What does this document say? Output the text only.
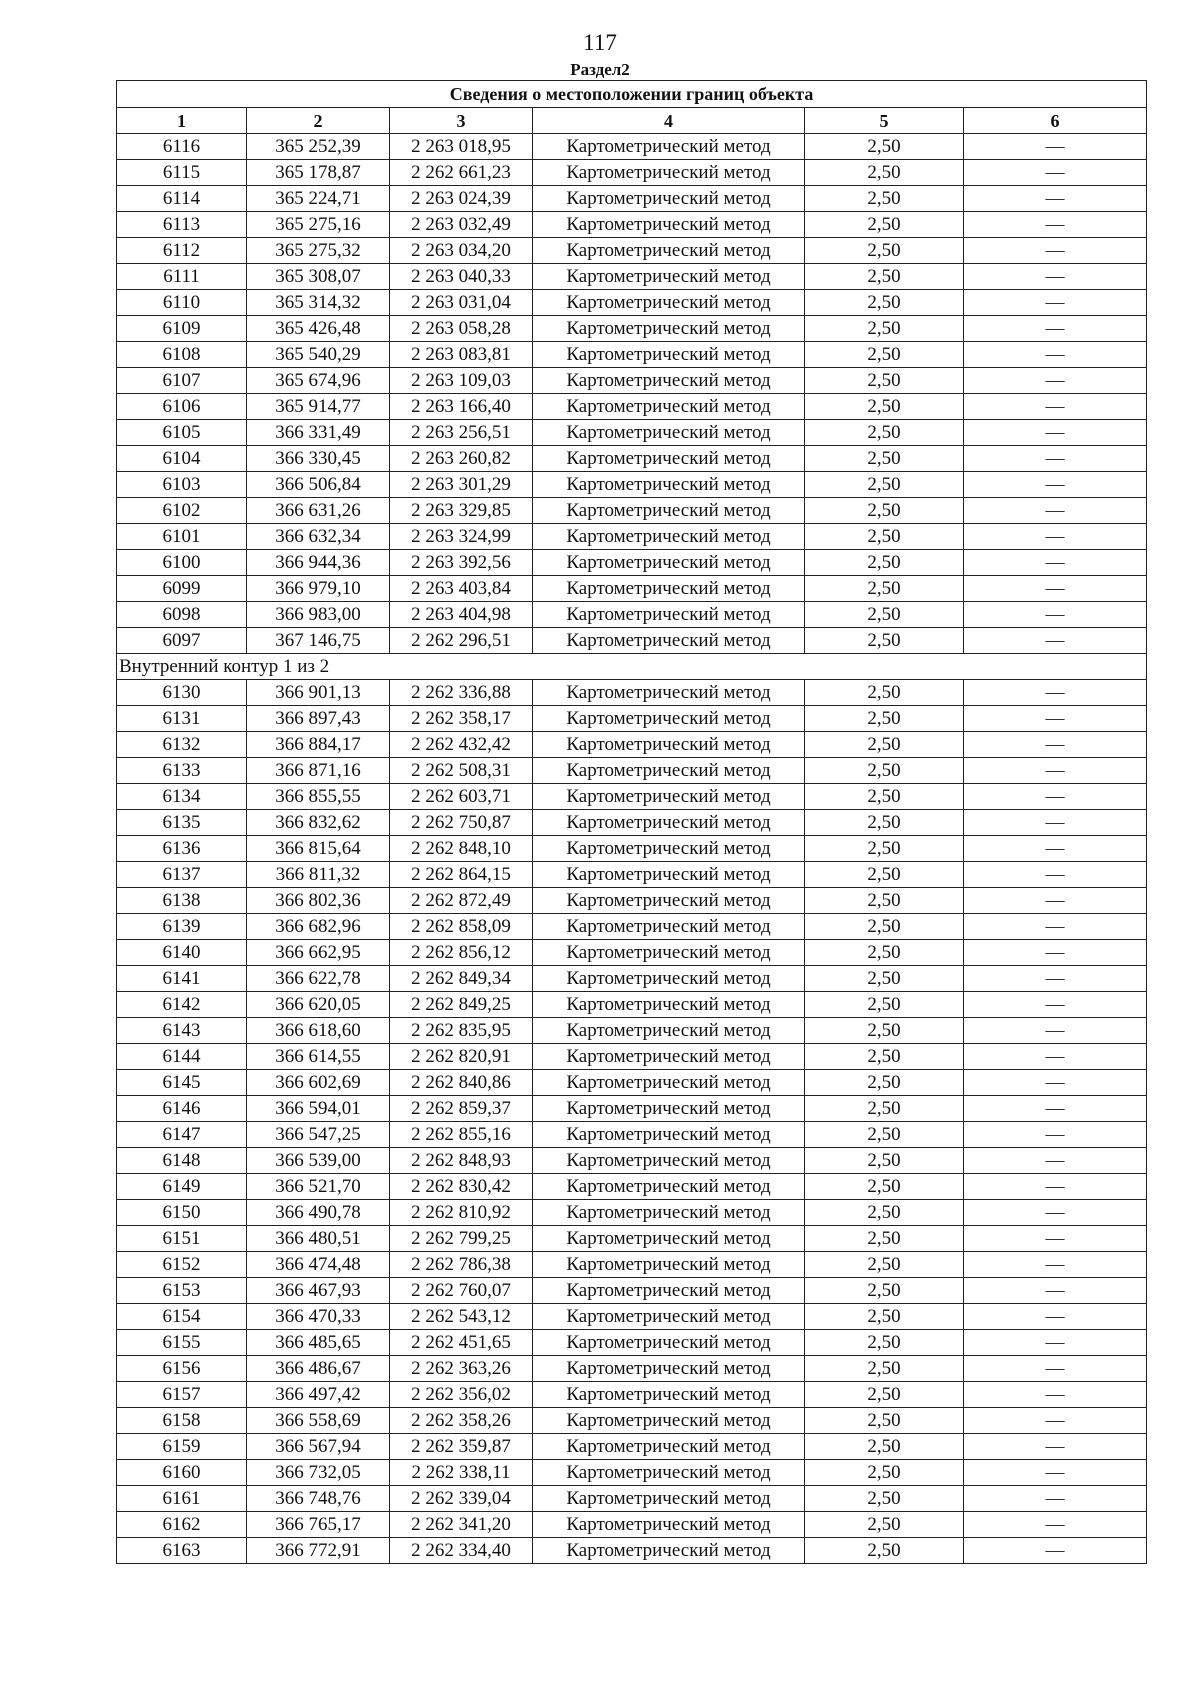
117
Раздел2
Сведения о местоположении границ объекта					
1	2	3	4	5	6
6116	365 252,39	2 263 018,95	Картометрический метод	2,50	—
6115	365 178,87	2 262 661,23	Картометрический метод	2,50	—
6114	365 224,71	2 263 024,39	Картометрический метод	2,50	—
6113	365 275,16	2 263 032,49	Картометрический метод	2,50	—
6112	365 275,32	2 263 034,20	Картометрический метод	2,50	—
6111	365 308,07	2 263 040,33	Картометрический метод	2,50	—
6110	365 314,32	2 263 031,04	Картометрический метод	2,50	—
6109	365 426,48	2 263 058,28	Картометрический метод	2,50	—
6108	365 540,29	2 263 083,81	Картометрический метод	2,50	—
6107	365 674,96	2 263 109,03	Картометрический метод	2,50	—
6106	365 914,77	2 263 166,40	Картометрический метод	2,50	—
6105	366 331,49	2 263 256,51	Картометрический метод	2,50	—
6104	366 330,45	2 263 260,82	Картометрический метод	2,50	—
6103	366 506,84	2 263 301,29	Картометрический метод	2,50	—
6102	366 631,26	2 263 329,85	Картометрический метод	2,50	—
6101	366 632,34	2 263 324,99	Картометрический метод	2,50	—
6100	366 944,36	2 263 392,56	Картометрический метод	2,50	—
6099	366 979,10	2 263 403,84	Картометрический метод	2,50	—
6098	366 983,00	2 263 404,98	Картометрический метод	2,50	—
6097	367 146,75	2 262 296,51	Картометрический метод	2,50	—
Внутренний контур 1 из 2					
6130	366 901,13	2 262 336,88	Картометрический метод	2,50	—
6131	366 897,43	2 262 358,17	Картометрический метод	2,50	—
6132	366 884,17	2 262 432,42	Картометрический метод	2,50	—
6133	366 871,16	2 262 508,31	Картометрический метод	2,50	—
6134	366 855,55	2 262 603,71	Картометрический метод	2,50	—
6135	366 832,62	2 262 750,87	Картометрический метод	2,50	—
6136	366 815,64	2 262 848,10	Картометрический метод	2,50	—
6137	366 811,32	2 262 864,15	Картометрический метод	2,50	—
6138	366 802,36	2 262 872,49	Картометрический метод	2,50	—
6139	366 682,96	2 262 858,09	Картометрический метод	2,50	—
6140	366 662,95	2 262 856,12	Картометрический метод	2,50	—
6141	366 622,78	2 262 849,34	Картометрический метод	2,50	—
6142	366 620,05	2 262 849,25	Картометрический метод	2,50	—
6143	366 618,60	2 262 835,95	Картометрический метод	2,50	—
6144	366 614,55	2 262 820,91	Картометрический метод	2,50	—
6145	366 602,69	2 262 840,86	Картометрический метод	2,50	—
6146	366 594,01	2 262 859,37	Картометрический метод	2,50	—
6147	366 547,25	2 262 855,16	Картометрический метод	2,50	—
6148	366 539,00	2 262 848,93	Картометрический метод	2,50	—
6149	366 521,70	2 262 830,42	Картометрический метод	2,50	—
6150	366 490,78	2 262 810,92	Картометрический метод	2,50	—
6151	366 480,51	2 262 799,25	Картометрический метод	2,50	—
6152	366 474,48	2 262 786,38	Картометрический метод	2,50	—
6153	366 467,93	2 262 760,07	Картометрический метод	2,50	—
6154	366 470,33	2 262 543,12	Картометрический метод	2,50	—
6155	366 485,65	2 262 451,65	Картометрический метод	2,50	—
6156	366 486,67	2 262 363,26	Картометрический метод	2,50	—
6157	366 497,42	2 262 356,02	Картометрический метод	2,50	—
6158	366 558,69	2 262 358,26	Картометрический метод	2,50	—
6159	366 567,94	2 262 359,87	Картометрический метод	2,50	—
6160	366 732,05	2 262 338,11	Картометрический метод	2,50	—
6161	366 748,76	2 262 339,04	Картометрический метод	2,50	—
6162	366 765,17	2 262 341,20	Картометрический метод	2,50	—
6163	366 772,91	2 262 334,40	Картометрический метод	2,50	—
